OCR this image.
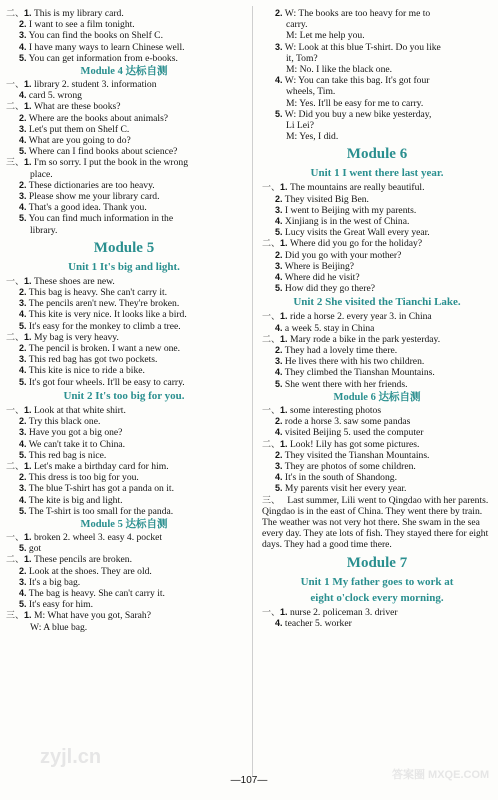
二、1. This is my library card.
2. I want to see a film tonight.
3. You can find the books on Shelf C.
4. I have many ways to learn Chinese well.
5. You can get information from e-books.
Module 4 达标自测
一、1. library 2. student 3. information
4. card 5. wrong
二、1. What are these books?
2. Where are the books about animals?
3. Let's put them on Shelf C.
4. What are you going to do?
5. Where can I find books about science?
三、1. I'm so sorry. I put the book in the wrong
place.
2. These dictionaries are too heavy.
3. Please show me your library card.
4. That's a good idea. Thank you.
5. You can find much information in the
library.
Module 5
Unit 1 It's big and light.
一、1. These shoes are new.
2. This bag is heavy. She can't carry it.
3. The pencils aren't new. They're broken.
4. This kite is very nice. It looks like a bird.
5. It's easy for the monkey to climb a tree.
二、1. My bag is very heavy.
2. The pencil is broken. I want a new one.
3. This red bag has got two pockets.
4. This kite is nice to ride a bike.
5. It's got four wheels. It'll be easy to carry.
Unit 2 It's too big for you.
一、1. Look at that white shirt.
2. Try this black one.
3. Have you got a big one?
4. We can't take it to China.
5. This red bag is nice.
二、1. Let's make a birthday card for him.
2. This dress is too big for you.
3. The blue T-shirt has got a panda on it.
4. The kite is big and light.
5. The T-shirt is too small for the panda.
Module 5 达标自测
一、1. broken 2. wheel 3. easy 4. pocket
5. got
二、1. These pencils are broken.
2. Look at the shoes. They are old.
3. It's a big bag.
4. The bag is heavy. She can't carry it.
5. It's easy for him.
三、1. M: What have you got, Sarah?
W: A blue bag.
2. W: The books are too heavy for me to
carry.
M: Let me help you.
3. W: Look at this blue T-shirt. Do you like
it, Tom?
M: No. I like the black one.
4. W: You can take this bag. It's got four
wheels, Tim.
M: Yes. It'll be easy for me to carry.
5. W: Did you buy a new bike yesterday,
Li Lei?
M: Yes, I did.
Module 6
Unit 1 I went there last year.
一、1. The mountains are really beautiful.
2. They visited Big Ben.
3. I went to Beijing with my parents.
4. Xinjiang is in the west of China.
5. Lucy visits the Great Wall every year.
二、1. Where did you go for the holiday?
2. Did you go with your mother?
3. Where is Beijing?
4. Where did he visit?
5. How did they go there?
Unit 2 She visited the Tianchi Lake.
一、1. ride a horse 2. every year 3. in China
4. a week 5. stay in China
二、1. Mary rode a bike in the park yesterday.
2. They had a lovely time there.
3. He lives there with his two children.
4. They climbed the Tianshan Mountains.
5. She went there with her friends.
Module 6 达标自测
一、1. some interesting photos
2. rode a horse 3. saw some pandas
4. visited Beijing 5. used the computer
二、1. Look! Lily has got some pictures.
2. They visited the Tianshan Mountains.
3. They are photos of some children.
4. It's in the south of Shandong.
5. My parents visit her every year.
三、 Last summer, Lili went to Qingdao with her parents. Qingdao is in the east of China. They went there by train. The weather was not very hot there. She swam in the sea every day. They ate lots of fish. They stayed there for eight days. They had a good time there.
Module 7
Unit 1 My father goes to work at
eight o'clock every morning.
一、1. nurse 2. policeman 3. driver
4. teacher 5. worker
—107—
zyjl.cn
答案圈 MXQE.COM
